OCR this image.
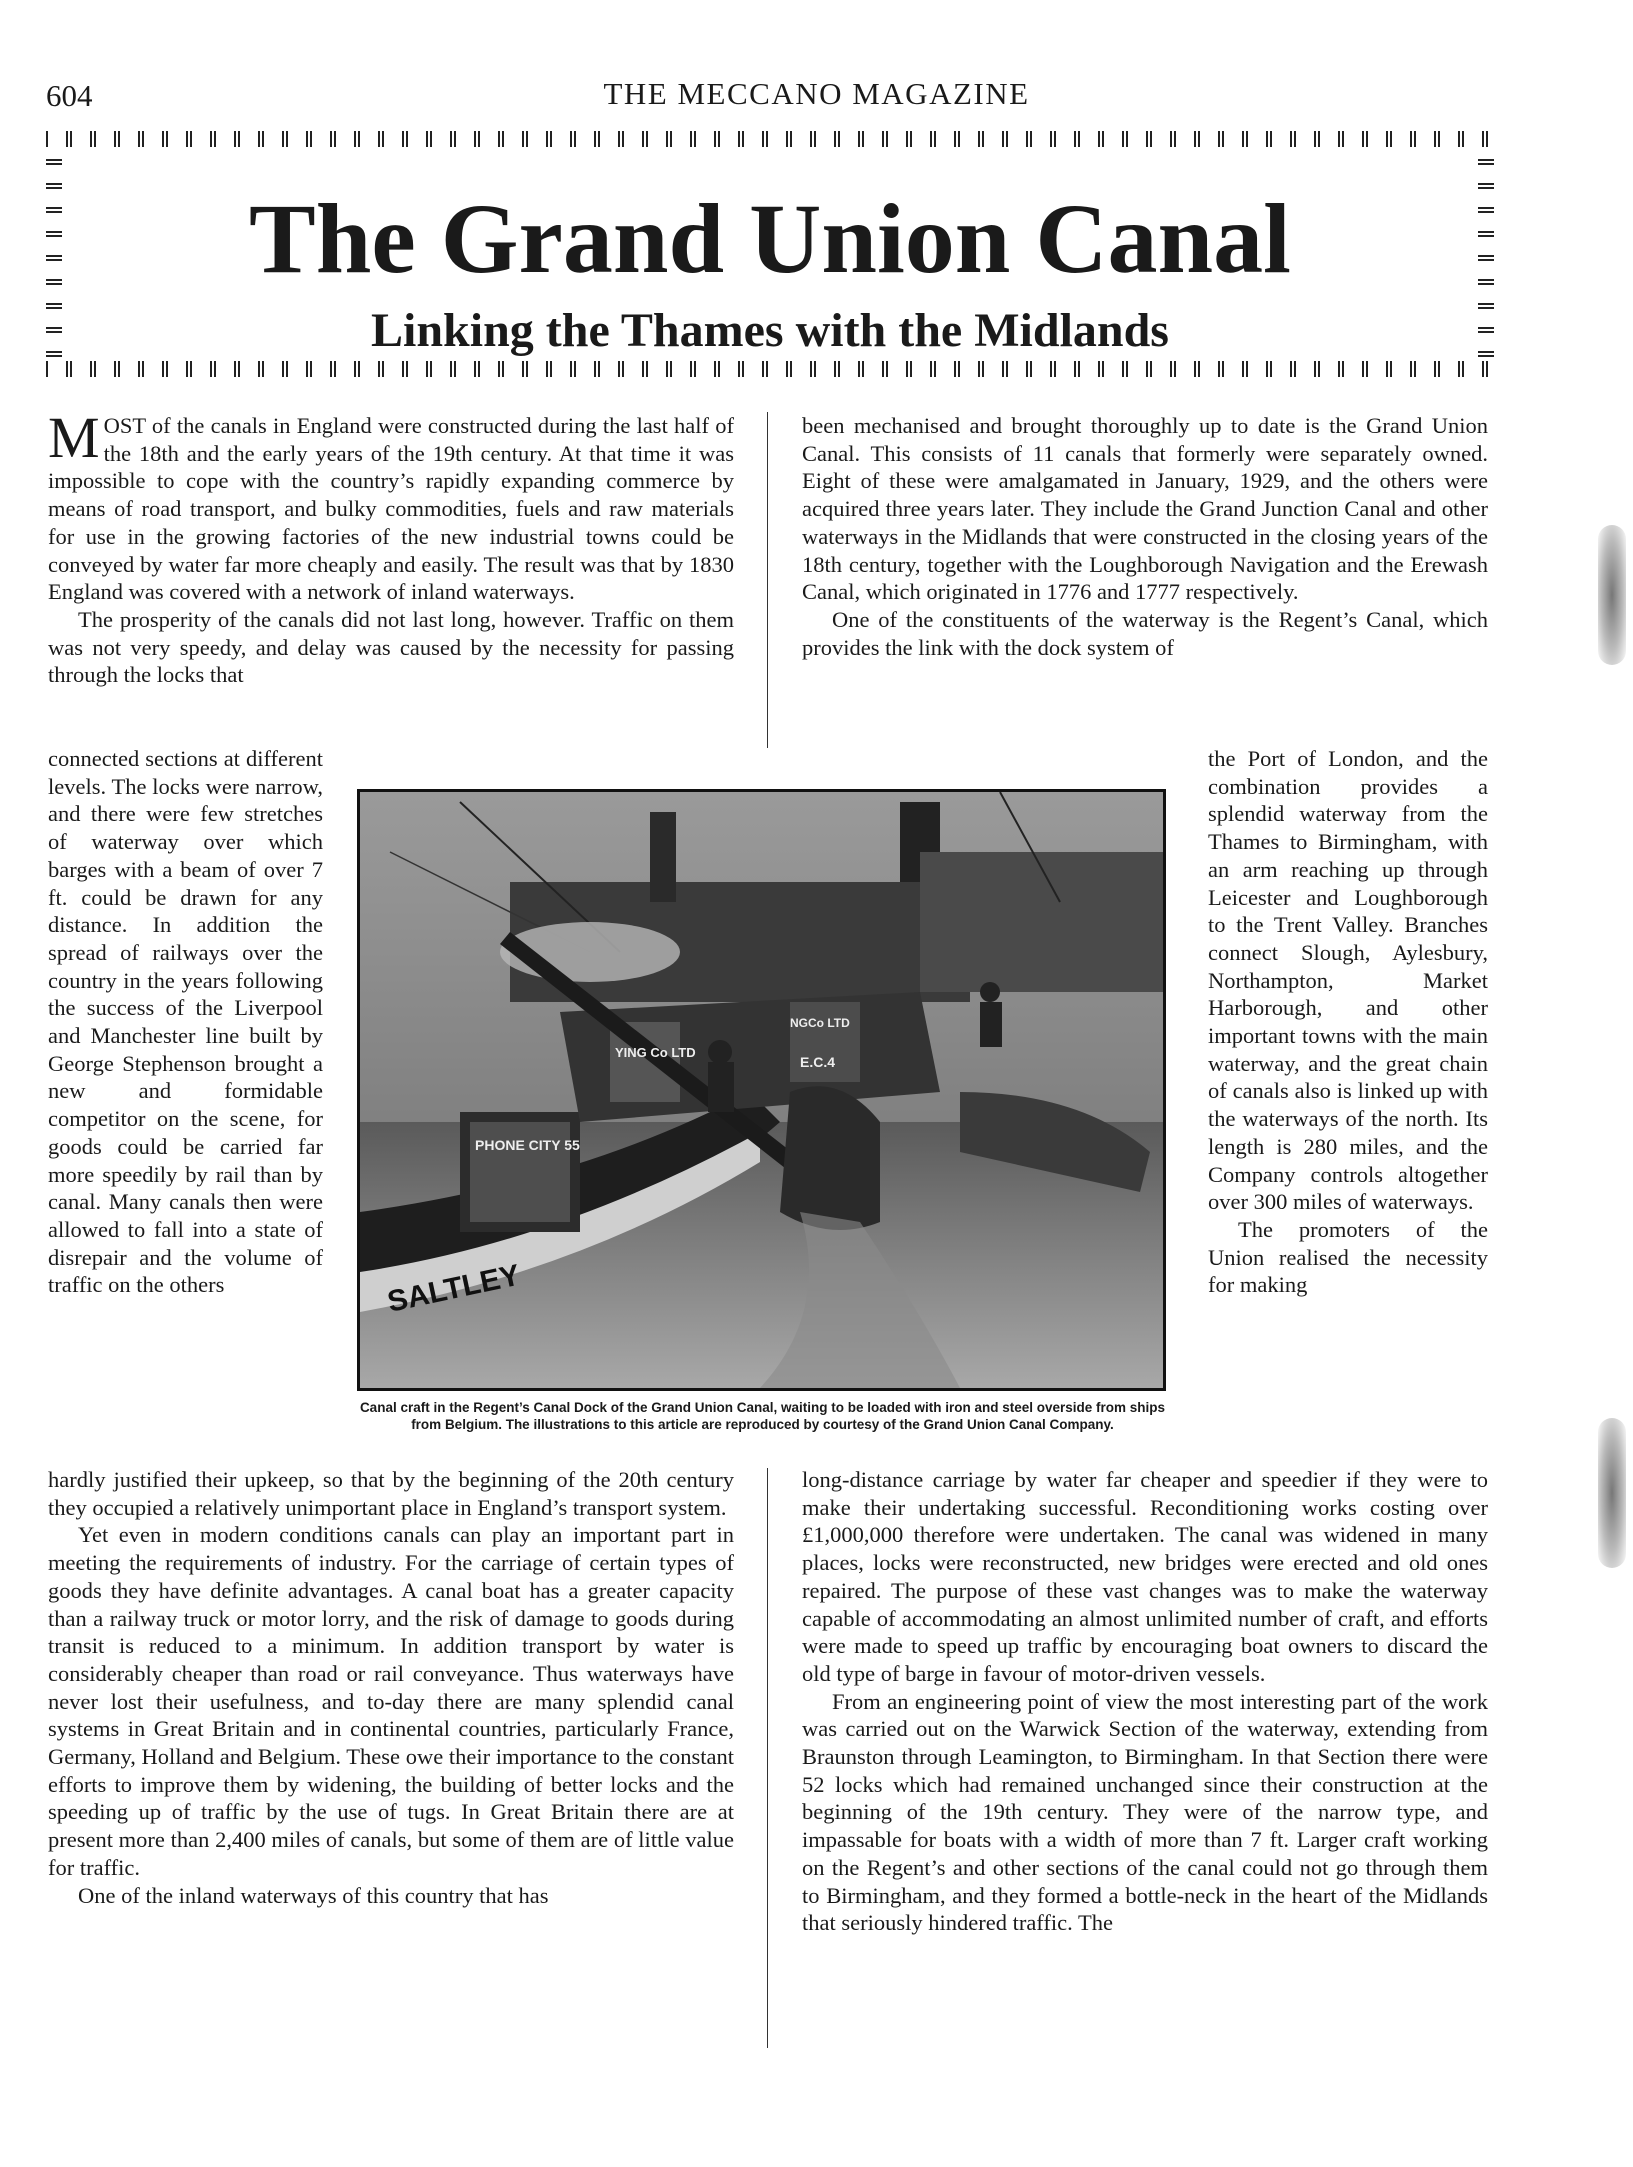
604	THE MECCANO MAGAZINE
The Grand Union Canal
Linking the Thames with the Midlands

MOST of the canals in England were constructed during the last half of the 18th and the early years of the 19th century. At that time it was impossible to cope with the country’s rapidly expanding commerce by means of road transport, and bulky commodities, fuels and raw materials for use in the growing factories of the new industrial towns could be conveyed by water far more cheaply and easily. The result was that by 1830 England was covered with a network of inland waterways.

The prosperity of the canals did not last long, however. Traffic on them was not very speedy, and delay was caused by the necessity for passing through the locks that

connected sections at different levels. The locks were narrow, and there were few stretches of waterway over which barges with a beam of over 7 ft. could be drawn for any distance. In addition the spread of railways over the country in the years following the success of the Liverpool and Manchester line built by George Stephenson brought a new and formidable competitor on the scene, for goods could be carried far more speedily by rail than by canal. Many canals then were allowed to fall into a state of disrepair and the volume of traffic on the others

been mechanised and brought thoroughly up to date is the Grand Union Canal. This consists of 11 canals that formerly were separately owned. Eight of these were amalgamated in January, 1929, and the others were acquired three years later. They include the Grand Junction Canal and other waterways in the Midlands that were constructed in the closing years of the 18th century, together with the Loughborough Navigation and the Erewash Canal, which originated in 1776 and 1777 respectively.

One of the constituents of the waterway is the Regent’s Canal, which provides the link with the dock system of

the Port of London, and the combination provides a splendid waterway from the Thames to Birmingham, with an arm reaching up through Leicester and Loughborough to the Trent Valley. Branches connect Slough, Aylesbury, Northampton, Market Harborough, and other important towns with the main waterway, and the great chain of canals also is linked up with the waterways of the north. Its length is 280 miles, and the Company controls altogether over 300 miles of waterways.

The promoters of the Union realised the necessity for making

SALTLEY
PHONE CITY 55
E.C.4
YING Co LTD
NGCo LTD
Canal craft in the Regent’s Canal Dock of the Grand Union Canal, waiting to be loaded with iron and steel overside from ships from Belgium. The illustrations to this article are reproduced by courtesy of the Grand Union Canal Company.

hardly justified their upkeep, so that by the beginning of the 20th century they occupied a relatively unimportant place in England’s transport system.

Yet even in modern conditions canals can play an important part in meeting the requirements of industry. For the carriage of certain types of goods they have definite advantages. A canal boat has a greater capacity than a railway truck or motor lorry, and the risk of damage to goods during transit is reduced to a minimum. In addition transport by water is considerably cheaper than road or rail conveyance. Thus waterways have never lost their usefulness, and to-day there are many splendid canal systems in Great Britain and in continental countries, particularly France, Germany, Holland and Belgium. These owe their importance to the constant efforts to improve them by widening, the building of better locks and the speeding up of traffic by the use of tugs. In Great Britain there are at present more than 2,400 miles of canals, but some of them are of little value for traffic.

One of the inland waterways of this country that has

long-distance carriage by water far cheaper and speedier if they were to make their undertaking successful. Reconditioning works costing over £1,000,000 therefore were undertaken. The canal was widened in many places, locks were reconstructed, new bridges were erected and old ones repaired. The purpose of these vast changes was to make the waterway capable of accommodating an almost unlimited number of craft, and efforts were made to speed up traffic by encouraging boat owners to discard the old type of barge in favour of motor-driven vessels.

From an engineering point of view the most interesting part of the work was carried out on the Warwick Section of the waterway, extending from Braunston through Leamington, to Birmingham. In that Section there were 52 locks which had remained unchanged since their construction at the beginning of the 19th century. They were of the narrow type, and impassable for boats with a width of more than 7 ft. Larger craft working on the Regent’s and other sections of the canal could not go through them to Birmingham, and they formed a bottle-neck in the heart of the Midlands that seriously hindered traffic. The
